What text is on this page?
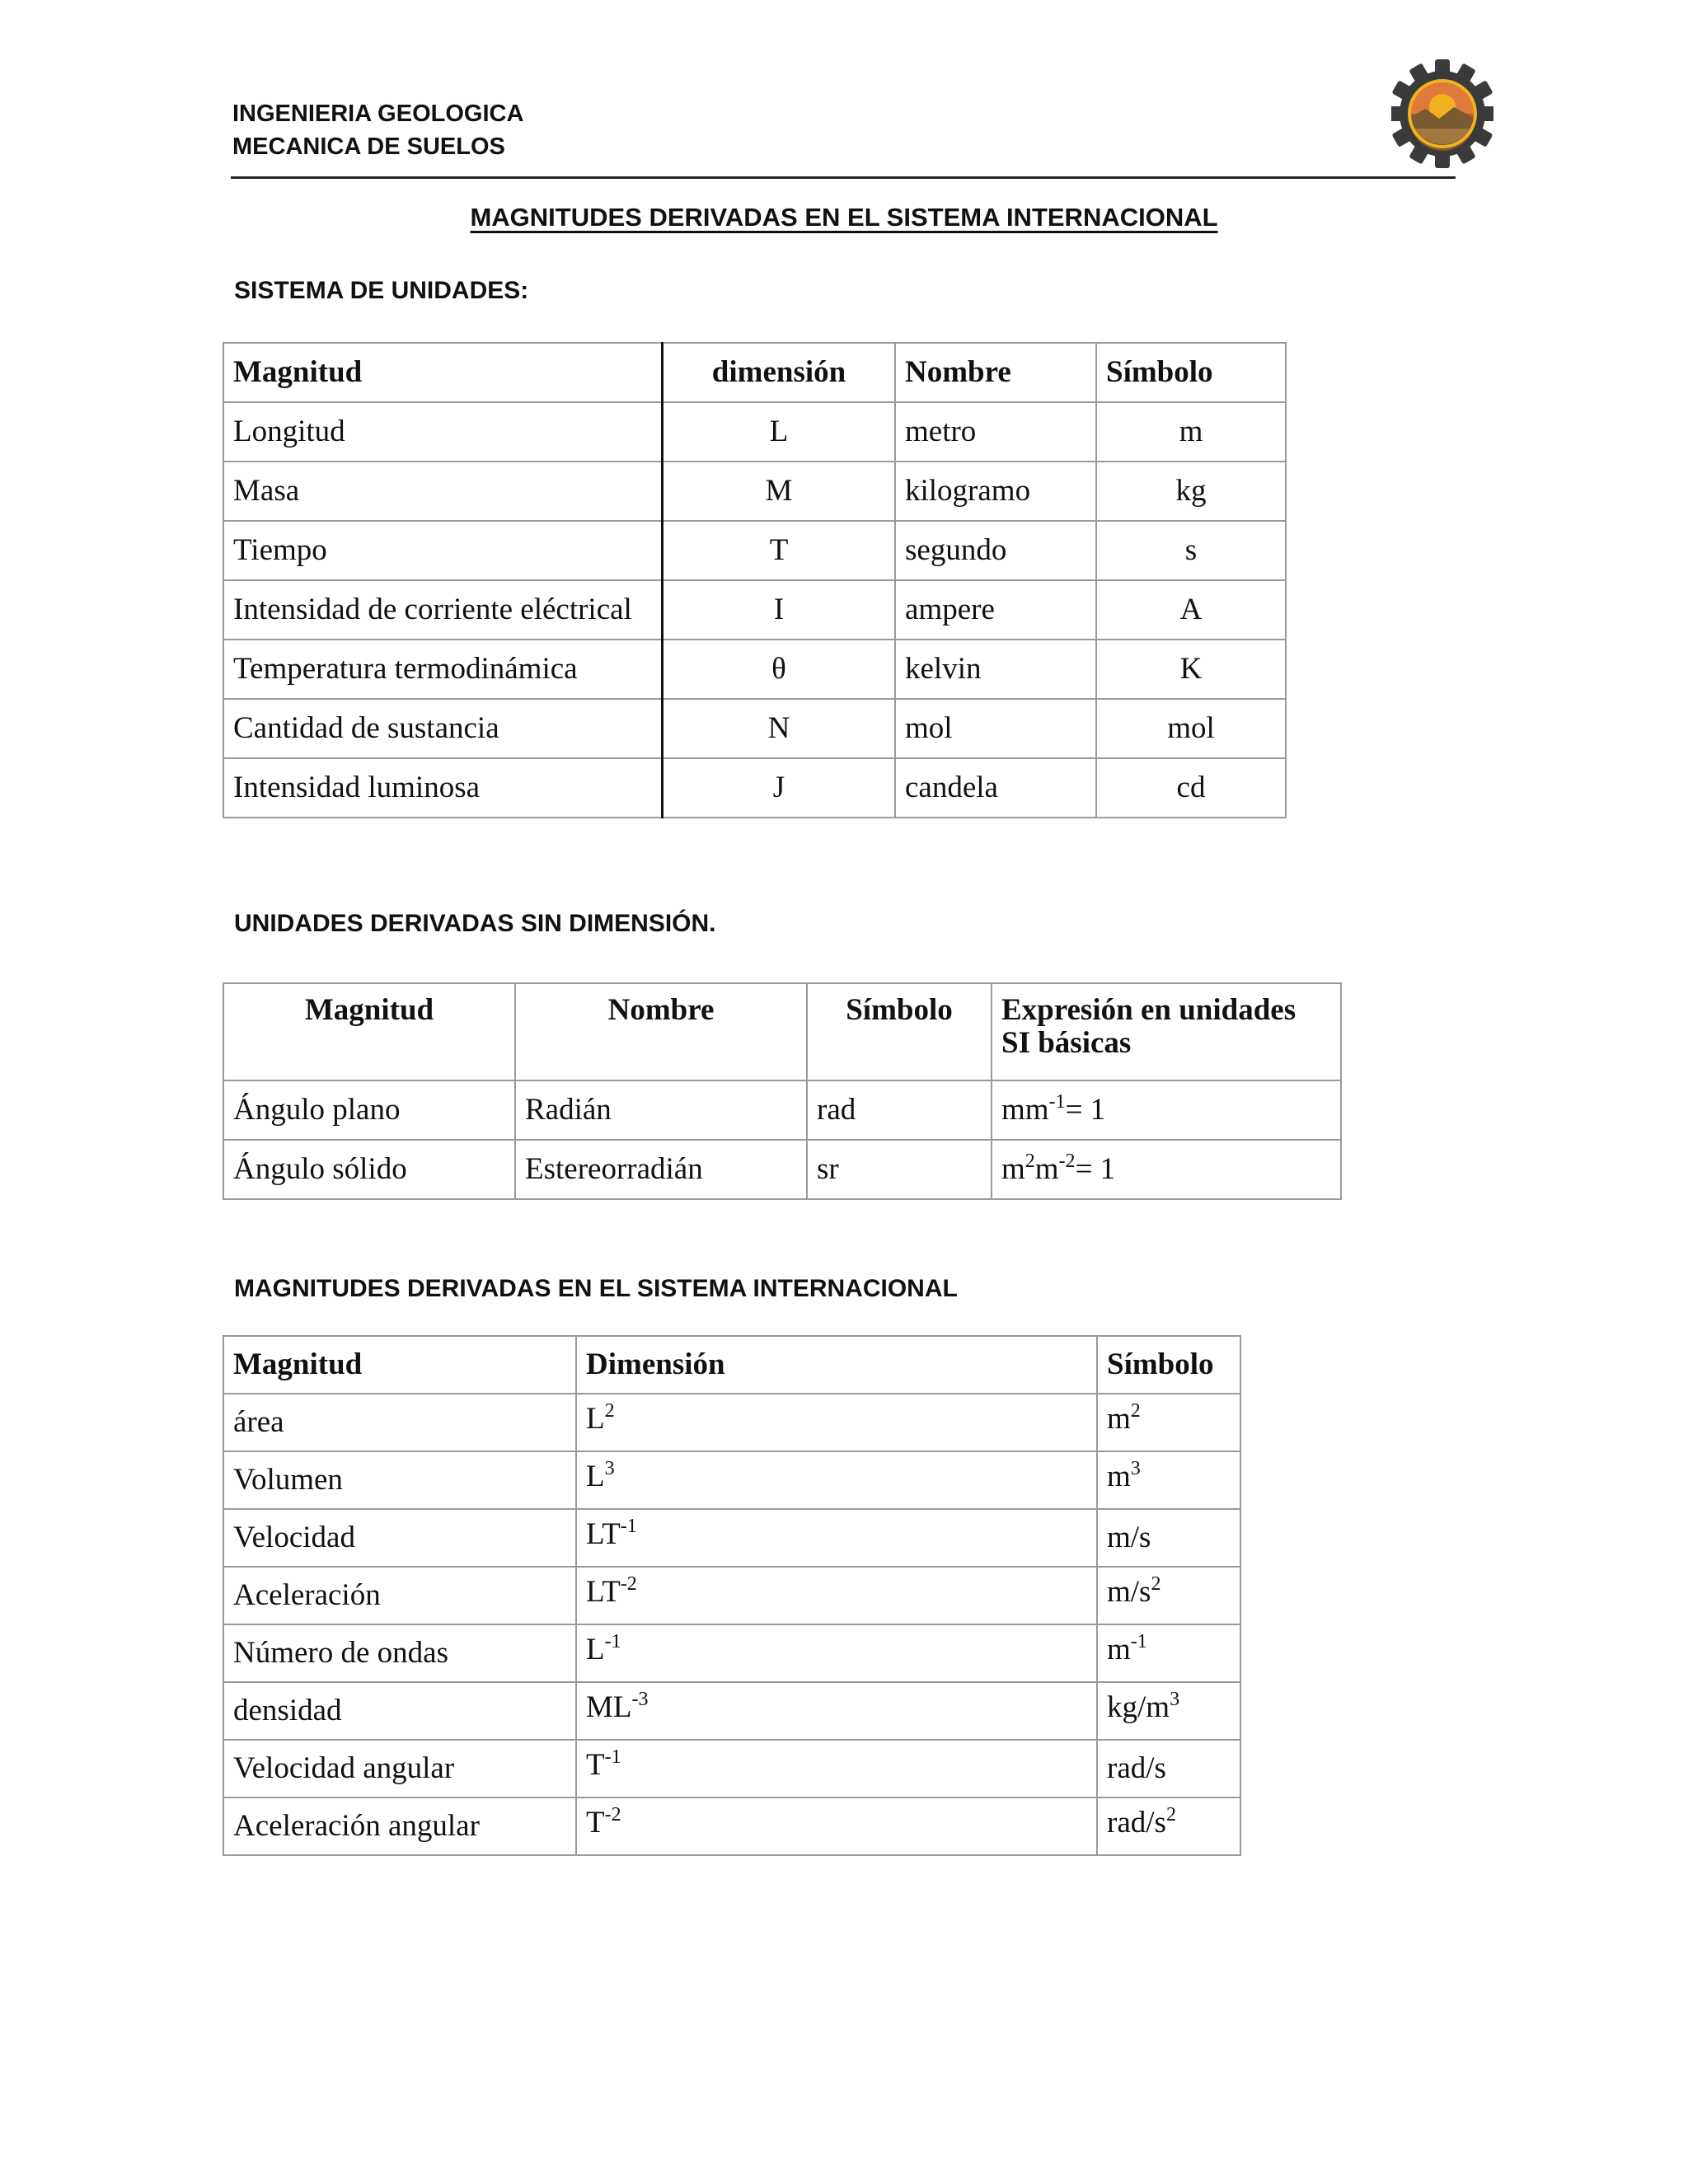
INGENIERIA GEOLOGICA
MECANICA DE SUELOS
MAGNITUDES DERIVADAS EN EL SISTEMA INTERNACIONAL
SISTEMA DE UNIDADES:
Magnitud	dimensión	Nombre	Símbolo
Longitud	L	metro	m
Masa	M	kilogramo	kg
Tiempo	T	segundo	s
Intensidad de corriente eléctrical	I	ampere	A
Temperatura termodinámica	θ	kelvin	K
Cantidad de sustancia	N	mol	mol
Intensidad luminosa	J	candela	cd
UNIDADES DERIVADAS SIN DIMENSIÓN.
Magnitud	Nombre	Símbolo	Expresión en unidades
SI básicas
Ángulo plano	Radián	rad	$mm^{-1}= 1$
Ángulo sólido	Estereorradián	sr	$m^2m^{-2}= 1$
MAGNITUDES DERIVADAS EN EL SISTEMA INTERNACIONAL
Magnitud	Dimensión	Símbolo
área	$L^2$	$m^2$
Volumen	$L^3$	$m^3$
Velocidad	$LT^{-1}$	m/s
Aceleración	$LT^{-2}$	$m/s^2$
Número de ondas	$L^{-1}$	$m^{-1}$
densidad	$ML^{-3}$	$kg/m^3$
Velocidad angular	$T^{-1}$	rad/s
Aceleración angular	$T^{-2}$	rad/$s^2$
